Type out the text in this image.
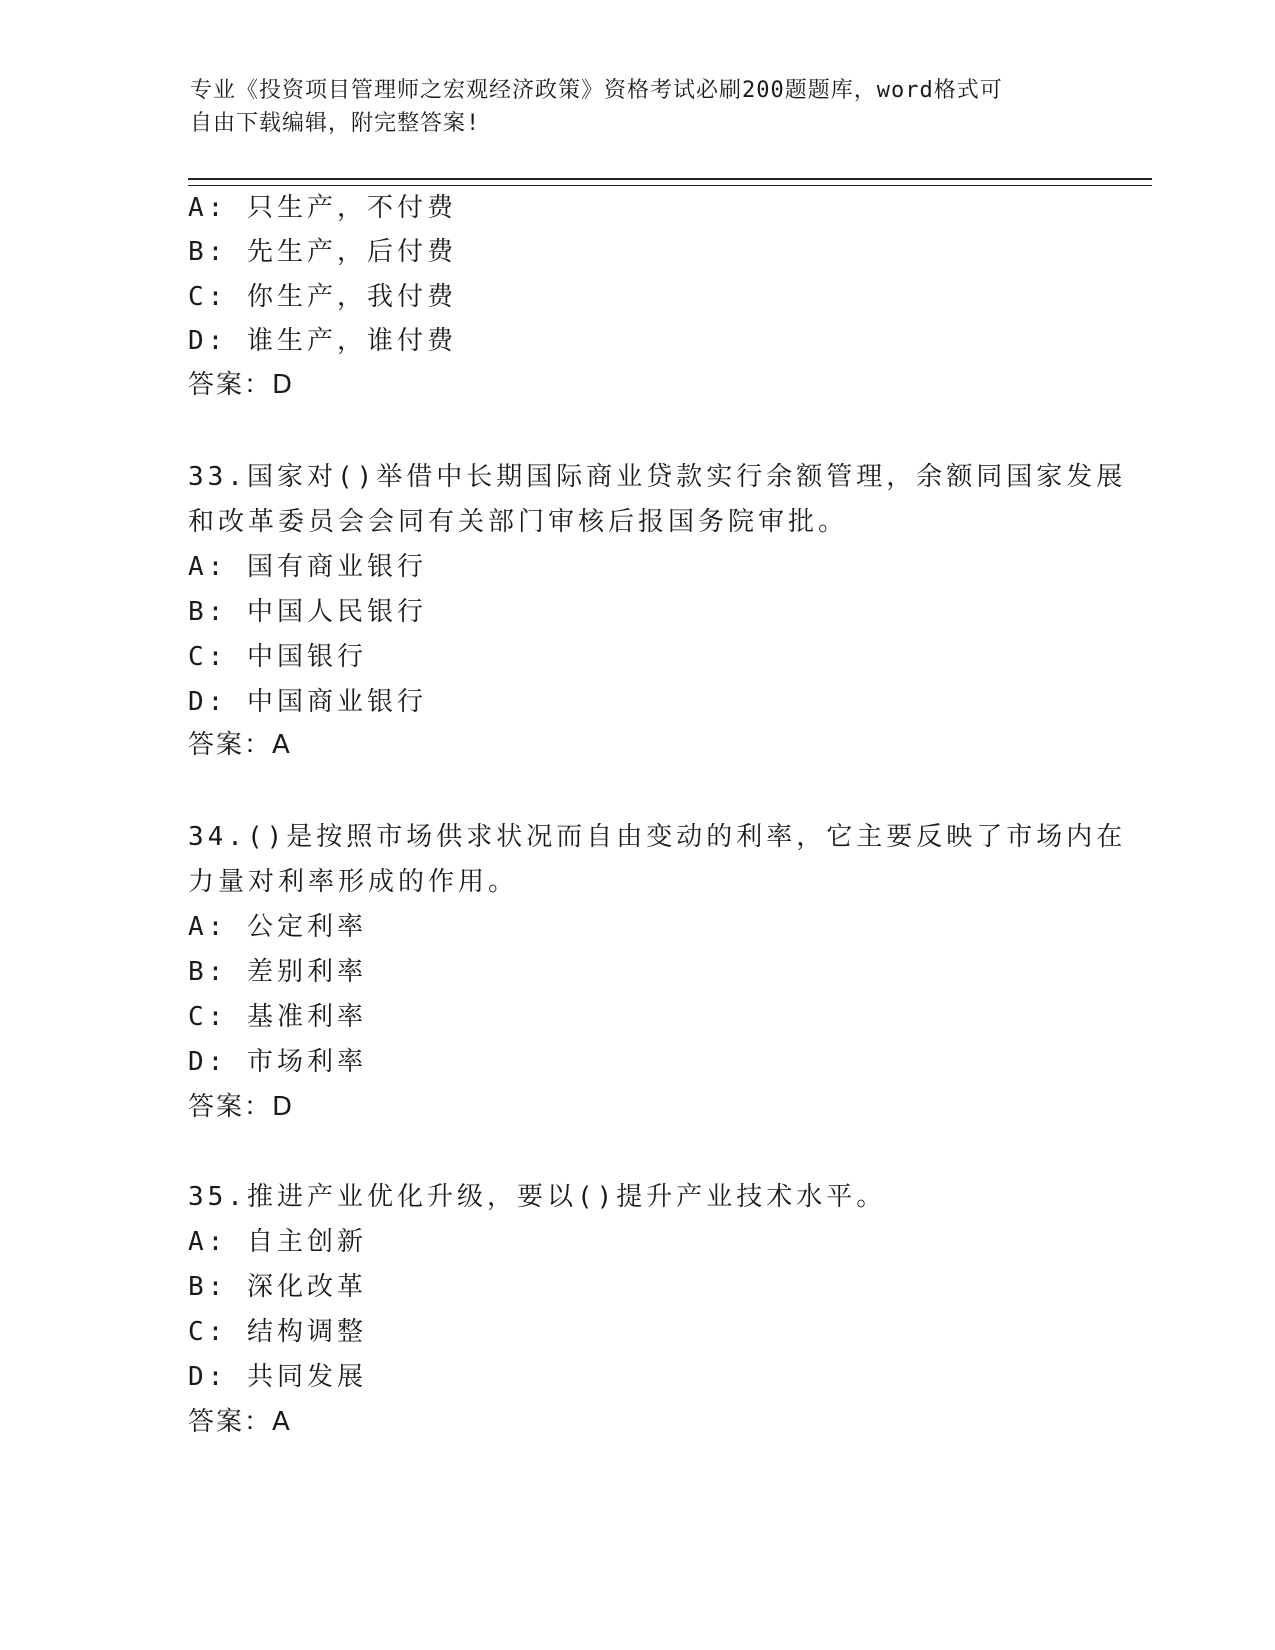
专业《投资项目管理师之宏观经济政策》资格考试必刷200题题库，word格式可
自由下载编辑，附完整答案!
A: 只生产，不付费
B: 先生产，后付费
C: 你生产，我付费
D: 谁生产，谁付费
答案：D
33.国家对()举借中长期国际商业贷款实行余额管理，余额同国家发展
和改革委员会会同有关部门审核后报国务院审批。
A: 国有商业银行
B: 中国人民银行
C: 中国银行
D: 中国商业银行
答案：A
34.()是按照市场供求状况而自由变动的利率，它主要反映了市场内在
力量对利率形成的作用。
A: 公定利率
B: 差别利率
C: 基准利率
D: 市场利率
答案：D
35.推进产业优化升级，要以()提升产业技术水平。
A: 自主创新
B: 深化改革
C: 结构调整
D: 共同发展
答案：A
